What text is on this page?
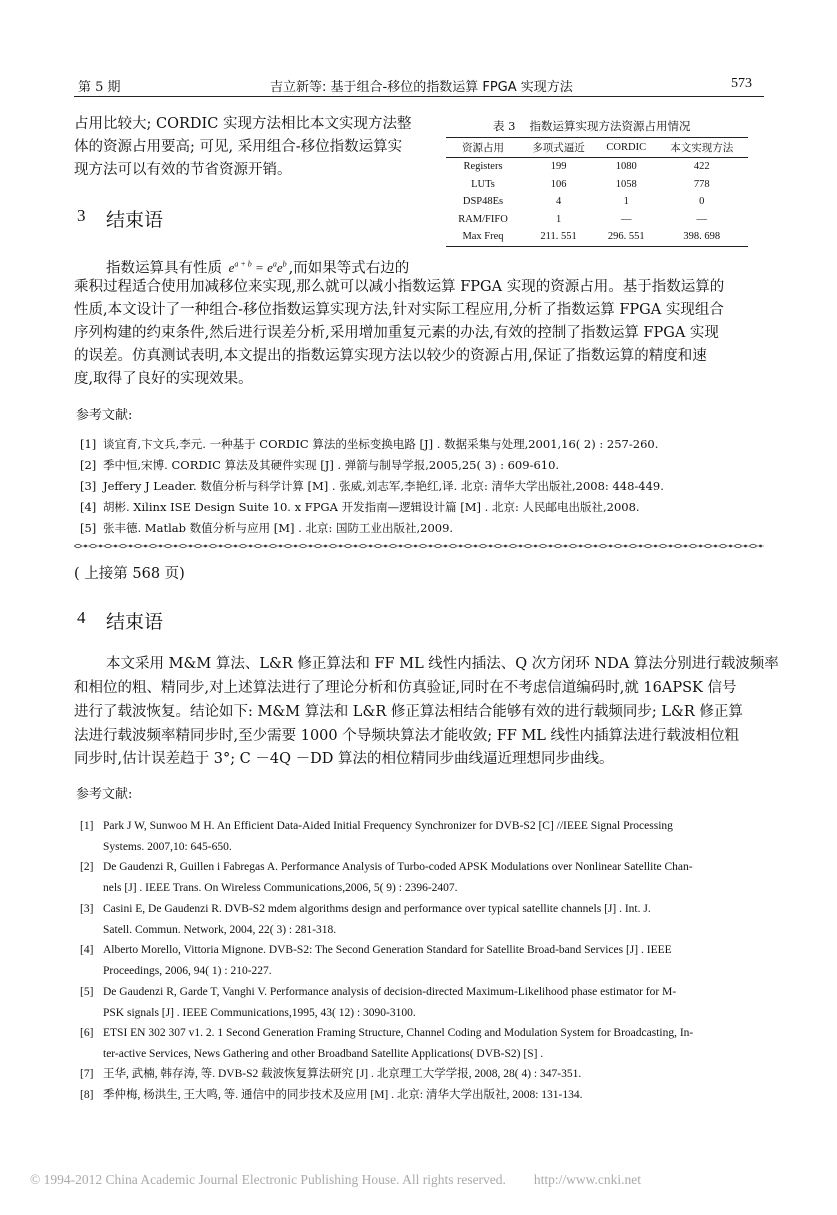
第 5 期	吉立新等: 基于组合-移位的指数运算 FPGA 实现方法	573
占用比较大; CORDIC 实现方法相比本文实现方法整
体的资源占用要高; 可见, 采用组合-移位指数运算实
现方法可以有效的节省资源开销。
表 3 指数运算实现方法资源占用情况
资源占用	多项式逼近	CORDIC	本文实现方法
Registers	199	1080	422
LUTs	106	1058	778
DSP48Es	4	1	0
RAM/FIFO	1	—	—
Max Freq	211. 551	296. 551	398. 698
3 结束语
指数运算具有性质 $e^{a + b} = e^ae^b$ ,而如果等式右边的
乘积过程适合使用加减移位来实现,那么就可以减小指数运算 FPGA 实现的资源占用。基于指数运算的
性质,本文设计了一种组合-移位指数运算实现方法,针对实际工程应用,分析了指数运算 FPGA 实现组合
序列构建的约束条件,然后进行误差分析,采用增加重复元素的办法,有效的控制了指数运算 FPGA 实现
的误差。仿真测试表明,本文提出的指数运算实现方法以较少的资源占用,保证了指数运算的精度和速
度,取得了良好的实现效果。
参考文献:
[1] 谈宜育,卞文兵,李元. 一种基于 CORDIC 算法的坐标变换电路 [J] . 数据采集与处理,2001,16( 2) : 257-260.
[2] 季中恒,宋博. CORDIC 算法及其硬件实现 [J] . 弹箭与制导学报,2005,25( 3) : 609-610.
[3] Jeffery J Leader. 数值分析与科学计算 [M] . 张威,刘志军,李艳红,译. 北京: 清华大学出版社,2008: 448-449.
[4] 胡彬. Xilinx ISE Design Suite 10. x FPGA 开发指南—逻辑设计篇 [M] . 北京: 人民邮电出版社,2008.
[5] 张丰德. Matlab 数值分析与应用 [M] . 北京: 国防工业出版社,2009.
( 上接第 568 页)
4 结束语
本文采用 M&M 算法、L&R 修正算法和 FF ML 线性内插法、Q 次方闭环 NDA 算法分别进行载波频率
和相位的粗、精同步,对上述算法进行了理论分析和仿真验证,同时在不考虑信道编码时,就 16APSK 信号
进行了载波恢复。结论如下: M&M 算法和 L&R 修正算法相结合能够有效的进行载频同步; L&R 修正算
法进行载波频率精同步时,至少需要 1000 个导频块算法才能收敛; FF ML 线性内插算法进行载波相位粗
同步时,估计误差趋于 3°; C －4Q －DD 算法的相位精同步曲线逼近理想同步曲线。
参考文献:
[1] Park J W, Sunwoo M H. An Efficient Data-Aided Initial Frequency Synchronizer for DVB-S2 [C] //IEEE Signal Processing
Systems. 2007,10: 645-650.
[2] De Gaudenzi R, Guillen i Fabregas A. Performance Analysis of Turbo-coded APSK Modulations over Nonlinear Satellite Chan-
nels [J] . IEEE Trans. On Wireless Communications,2006, 5( 9) : 2396-2407.
[3] Casini E, De Gaudenzi R. DVB-S2 mdem algorithms design and performance over typical satellite channels [J] . Int. J.
Satell. Commun. Network, 2004, 22( 3) : 281-318.
[4] Alberto Morello, Vittoria Mignone. DVB-S2: The Second Generation Standard for Satellite Broad-band Services [J] . IEEE
Proceedings, 2006, 94( 1) : 210-227.
[5] De Gaudenzi R, Garde T, Vanghi V. Performance analysis of decision-directed Maximum-Likelihood phase estimator for M-
PSK signals [J] . IEEE Communications,1995, 43( 12) : 3090-3100.
[6] ETSI EN 302 307 v1. 2. 1 Second Generation Framing Structure, Channel Coding and Modulation System for Broadcasting, In-
ter-active Services, News Gathering and other Broadband Satellite Applications( DVB-S2) [S] .
[7] 王华, 武楠, 韩存涛, 等. DVB-S2 载波恢复算法研究 [J] . 北京理工大学学报, 2008, 28( 4) : 347-351.
[8] 季仲梅, 杨洪生, 王大鸣, 等. 通信中的同步技术及应用 [M] . 北京: 清华大学出版社, 2008: 131-134.
© 1994-2012 China Academic Journal Electronic Publishing House. All rights reserved. http://www.cnki.net
